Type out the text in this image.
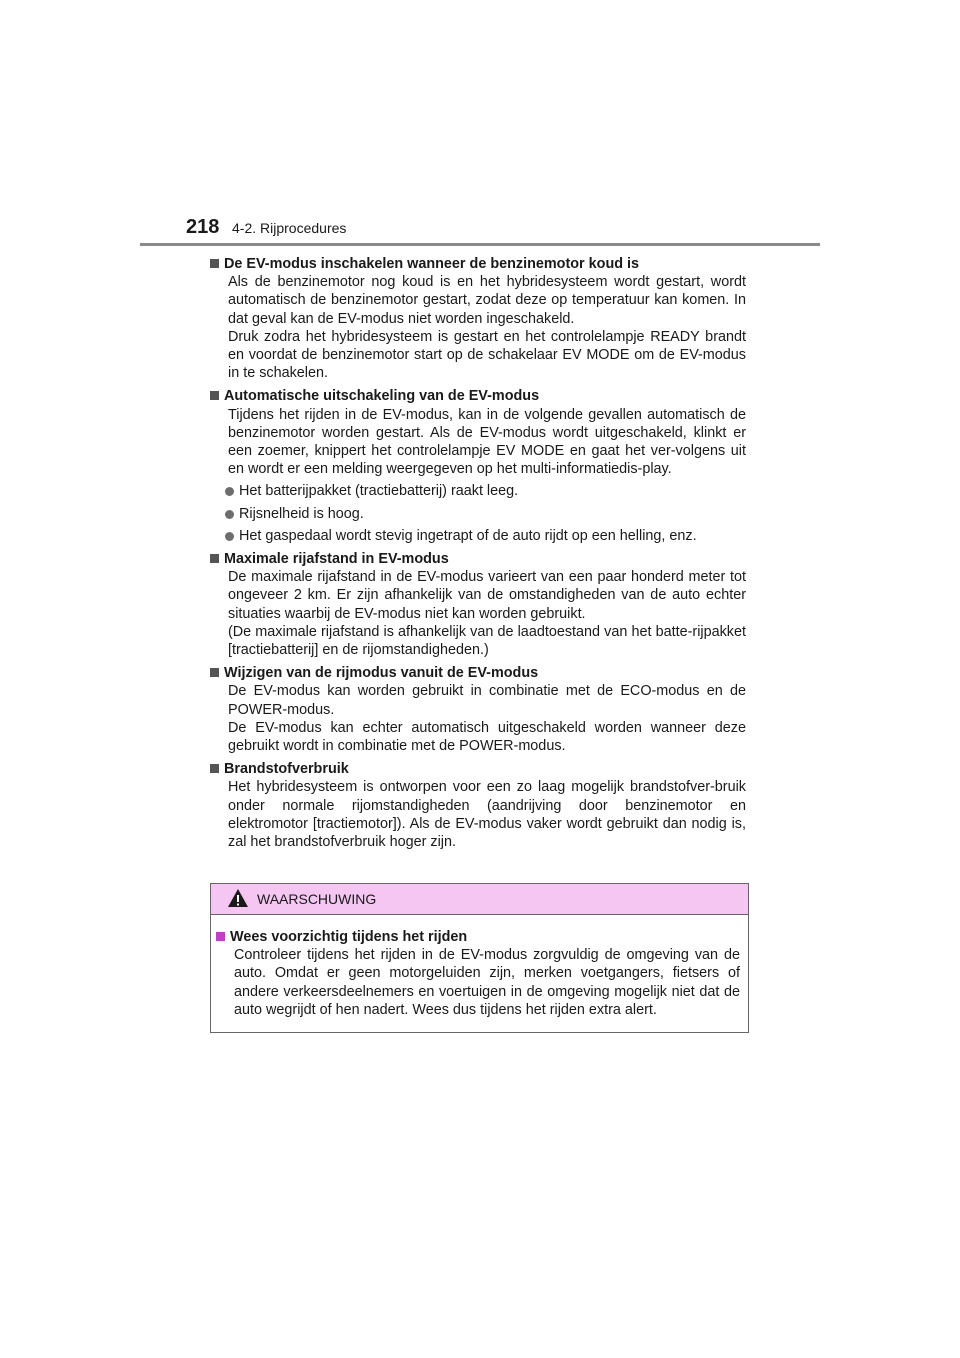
218 4-2. Rijprocedures

De EV-modus inschakelen wanneer de benzinemotor koud is

Als de benzinemotor nog koud is en het hybridesysteem wordt gestart, wordt automatisch de benzinemotor gestart, zodat deze op temperatuur kan komen. In dat geval kan de EV-modus niet worden ingeschakeld.

Druk zodra het hybridesysteem is gestart en het controlelampje READY brandt en voordat de benzinemotor start op de schakelaar EV MODE om de EV-modus in te schakelen.

Automatische uitschakeling van de EV-modus

Tijdens het rijden in de EV-modus, kan in de volgende gevallen automatisch de benzinemotor worden gestart. Als de EV-modus wordt uitgeschakeld, klinkt er een zoemer, knippert het controlelampje EV MODE en gaat het ver-volgens uit en wordt er een melding weergegeven op het multi-informatiedis-play.

Het batterijpakket (tractiebatterij) raakt leeg.

Rijsnelheid is hoog.

Het gaspedaal wordt stevig ingetrapt of de auto rijdt op een helling, enz.

Maximale rijafstand in EV-modus

De maximale rijafstand in de EV-modus varieert van een paar honderd meter tot ongeveer 2 km. Er zijn afhankelijk van de omstandigheden van de auto echter situaties waarbij de EV-modus niet kan worden gebruikt.

(De maximale rijafstand is afhankelijk van de laadtoestand van het batte-rijpakket [tractiebatterij] en de rijomstandigheden.)

Wijzigen van de rijmodus vanuit de EV-modus

De EV-modus kan worden gebruikt in combinatie met de ECO-modus en de POWER-modus.

De EV-modus kan echter automatisch uitgeschakeld worden wanneer deze gebruikt wordt in combinatie met de POWER-modus.

Brandstofverbruik

Het hybridesysteem is ontworpen voor een zo laag mogelijk brandstofver-bruik onder normale rijomstandigheden (aandrijving door benzinemotor en elektromotor [tractiemotor]). Als de EV-modus vaker wordt gebruikt dan nodig is, zal het brandstofverbruik hoger zijn.

WAARSCHUWING

Wees voorzichtig tijdens het rijden

Controleer tijdens het rijden in de EV-modus zorgvuldig de omgeving van de auto. Omdat er geen motorgeluiden zijn, merken voetgangers, fietsers of andere verkeersdeelnemers en voertuigen in de omgeving mogelijk niet dat de auto wegrijdt of hen nadert. Wees dus tijdens het rijden extra alert.
